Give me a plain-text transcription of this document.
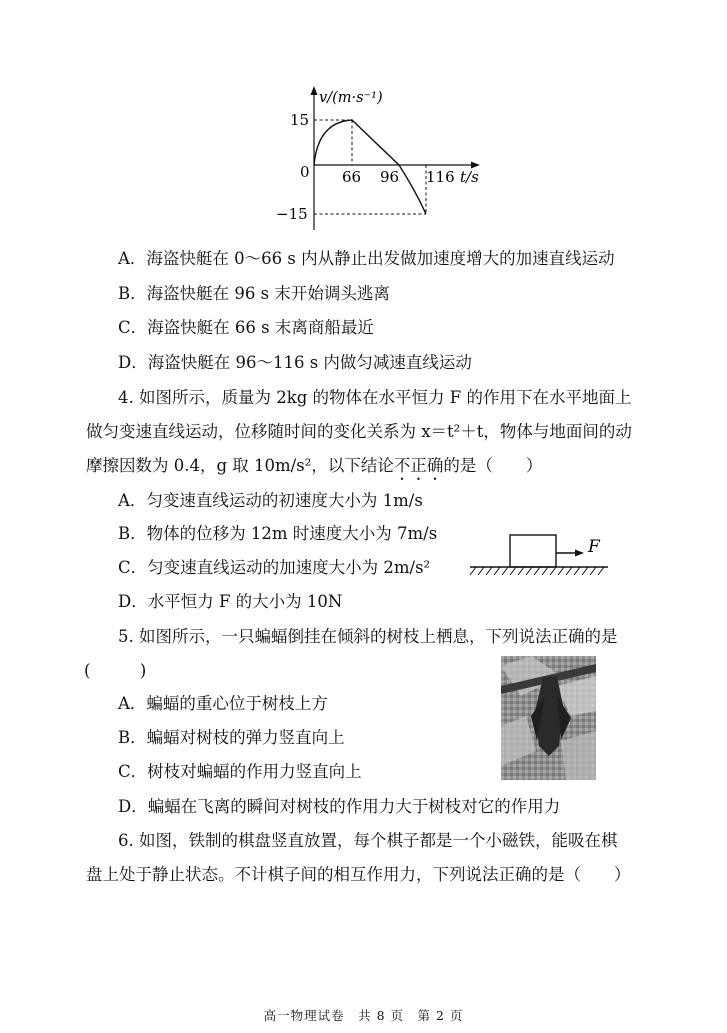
v/(m·s⁻¹)
15
0
−15
66 96 116 t/s
A．海盗快艇在 0～66 s 内从静止出发做加速度增大的加速直线运动
B．海盗快艇在 96 s 末开始调头逃离
C．海盗快艇在 66 s 末离商船最近
D．海盗快艇在 96～116 s 内做匀减速直线运动
4. 如图所示，质量为 2kg 的物体在水平恒力 F 的作用下在水平地面上
做匀变速直线运动，位移随时间的变化关系为 x＝t²＋t，物体与地面间的动
摩擦因数为 0.4，g 取 10m/s²，以下结论不正确的是（　　）
A．匀变速直线运动的初速度大小为 1m/s
B．物体的位移为 12m 时速度大小为 7m/s
C．匀变速直线运动的加速度大小为 2m/s²
D．水平恒力 F 的大小为 10N
F
5. 如图所示，一只蝙蝠倒挂在倾斜的树枝上栖息，下列说法正确的是
(　　　)
A．蝙蝠的重心位于树枝上方
B．蝙蝠对树枝的弹力竖直向上
C．树枝对蝙蝠的作用力竖直向上
D．蝙蝠在飞离的瞬间对树枝的作用力大于树枝对它的作用力
6. 如图，铁制的棋盘竖直放置，每个棋子都是一个小磁铁，能吸在棋
盘上处于静止状态。不计棋子间的相互作用力，下列说法正确的是（　　）
高一物理试卷　共 8 页　第 2 页
